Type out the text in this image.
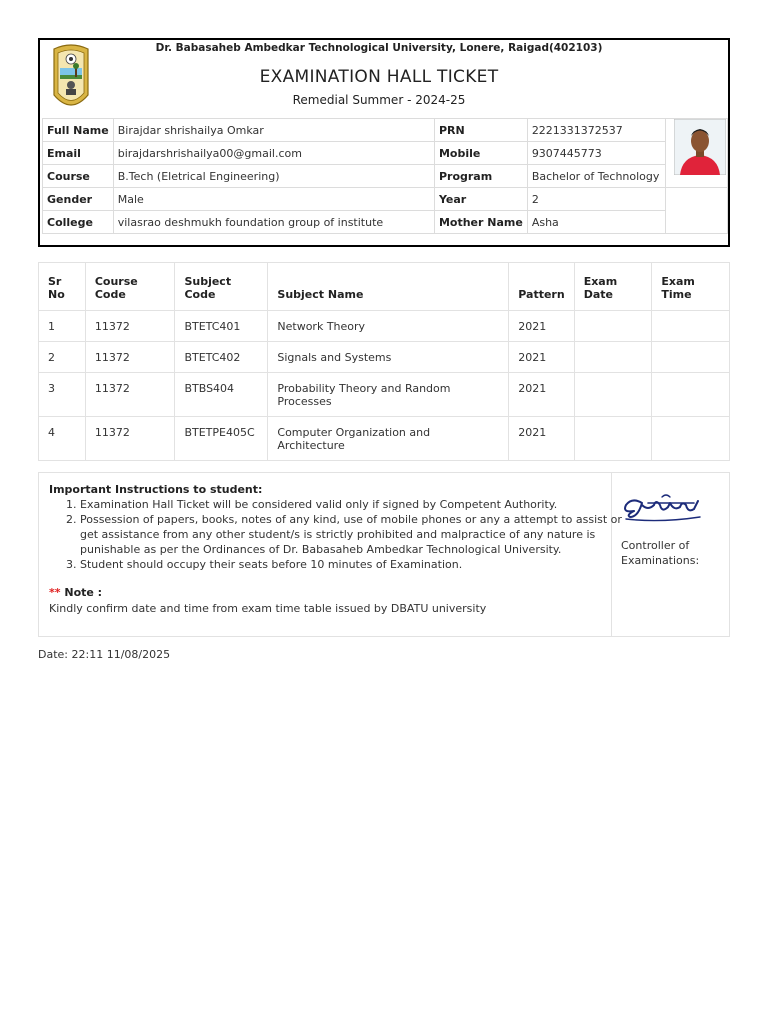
Dr. Babasaheb Ambedkar Technological University, Lonere, Raigad(402103)
EXAMINATION HALL TICKET
Remedial Summer - 2024-25
Full Name	Birajdar shrishailya Omkar	PRN	2221331372537	

Email	birajdarshrishailya00@gmail.com	Mobile	9307445773	
Course	B.Tech (Eletrical Engineering)	Program	Bachelor of Technology	
Gender	Male	Year	2	
College	vilasrao deshmukh foundation group of institute	Mother Name	Asha	
Sr No	Course Code	Subject Code	Subject Name	Pattern	Exam Date	Exam Time
1	11372	BTETC401	Network Theory	2021		
2	11372	BTETC402	Signals and Systems	2021		
3	11372	BTBS404	Probability Theory and Random Processes	2021		
4	11372	BTETPE405C	Computer Organization and Architecture	2021		
Important Instructions to student:
1. Examination Hall Ticket will be considered valid only if signed by Competent Authority.
2. Possession of papers, books, notes of any kind, use of mobile phones or any a attempt to assist or get assistance from any other student/s is strictly prohibited and malpractice of any nature is punishable as per the Ordinances of Dr. Babasaheb Ambedkar Technological University.
3. Student should occupy their seats before 10 minutes of Examination.
** Note :
Kindly confirm date and time from exam time table issued by DBATU university
Controller of
Examinations:
Date: 22:11 11/08/2025
